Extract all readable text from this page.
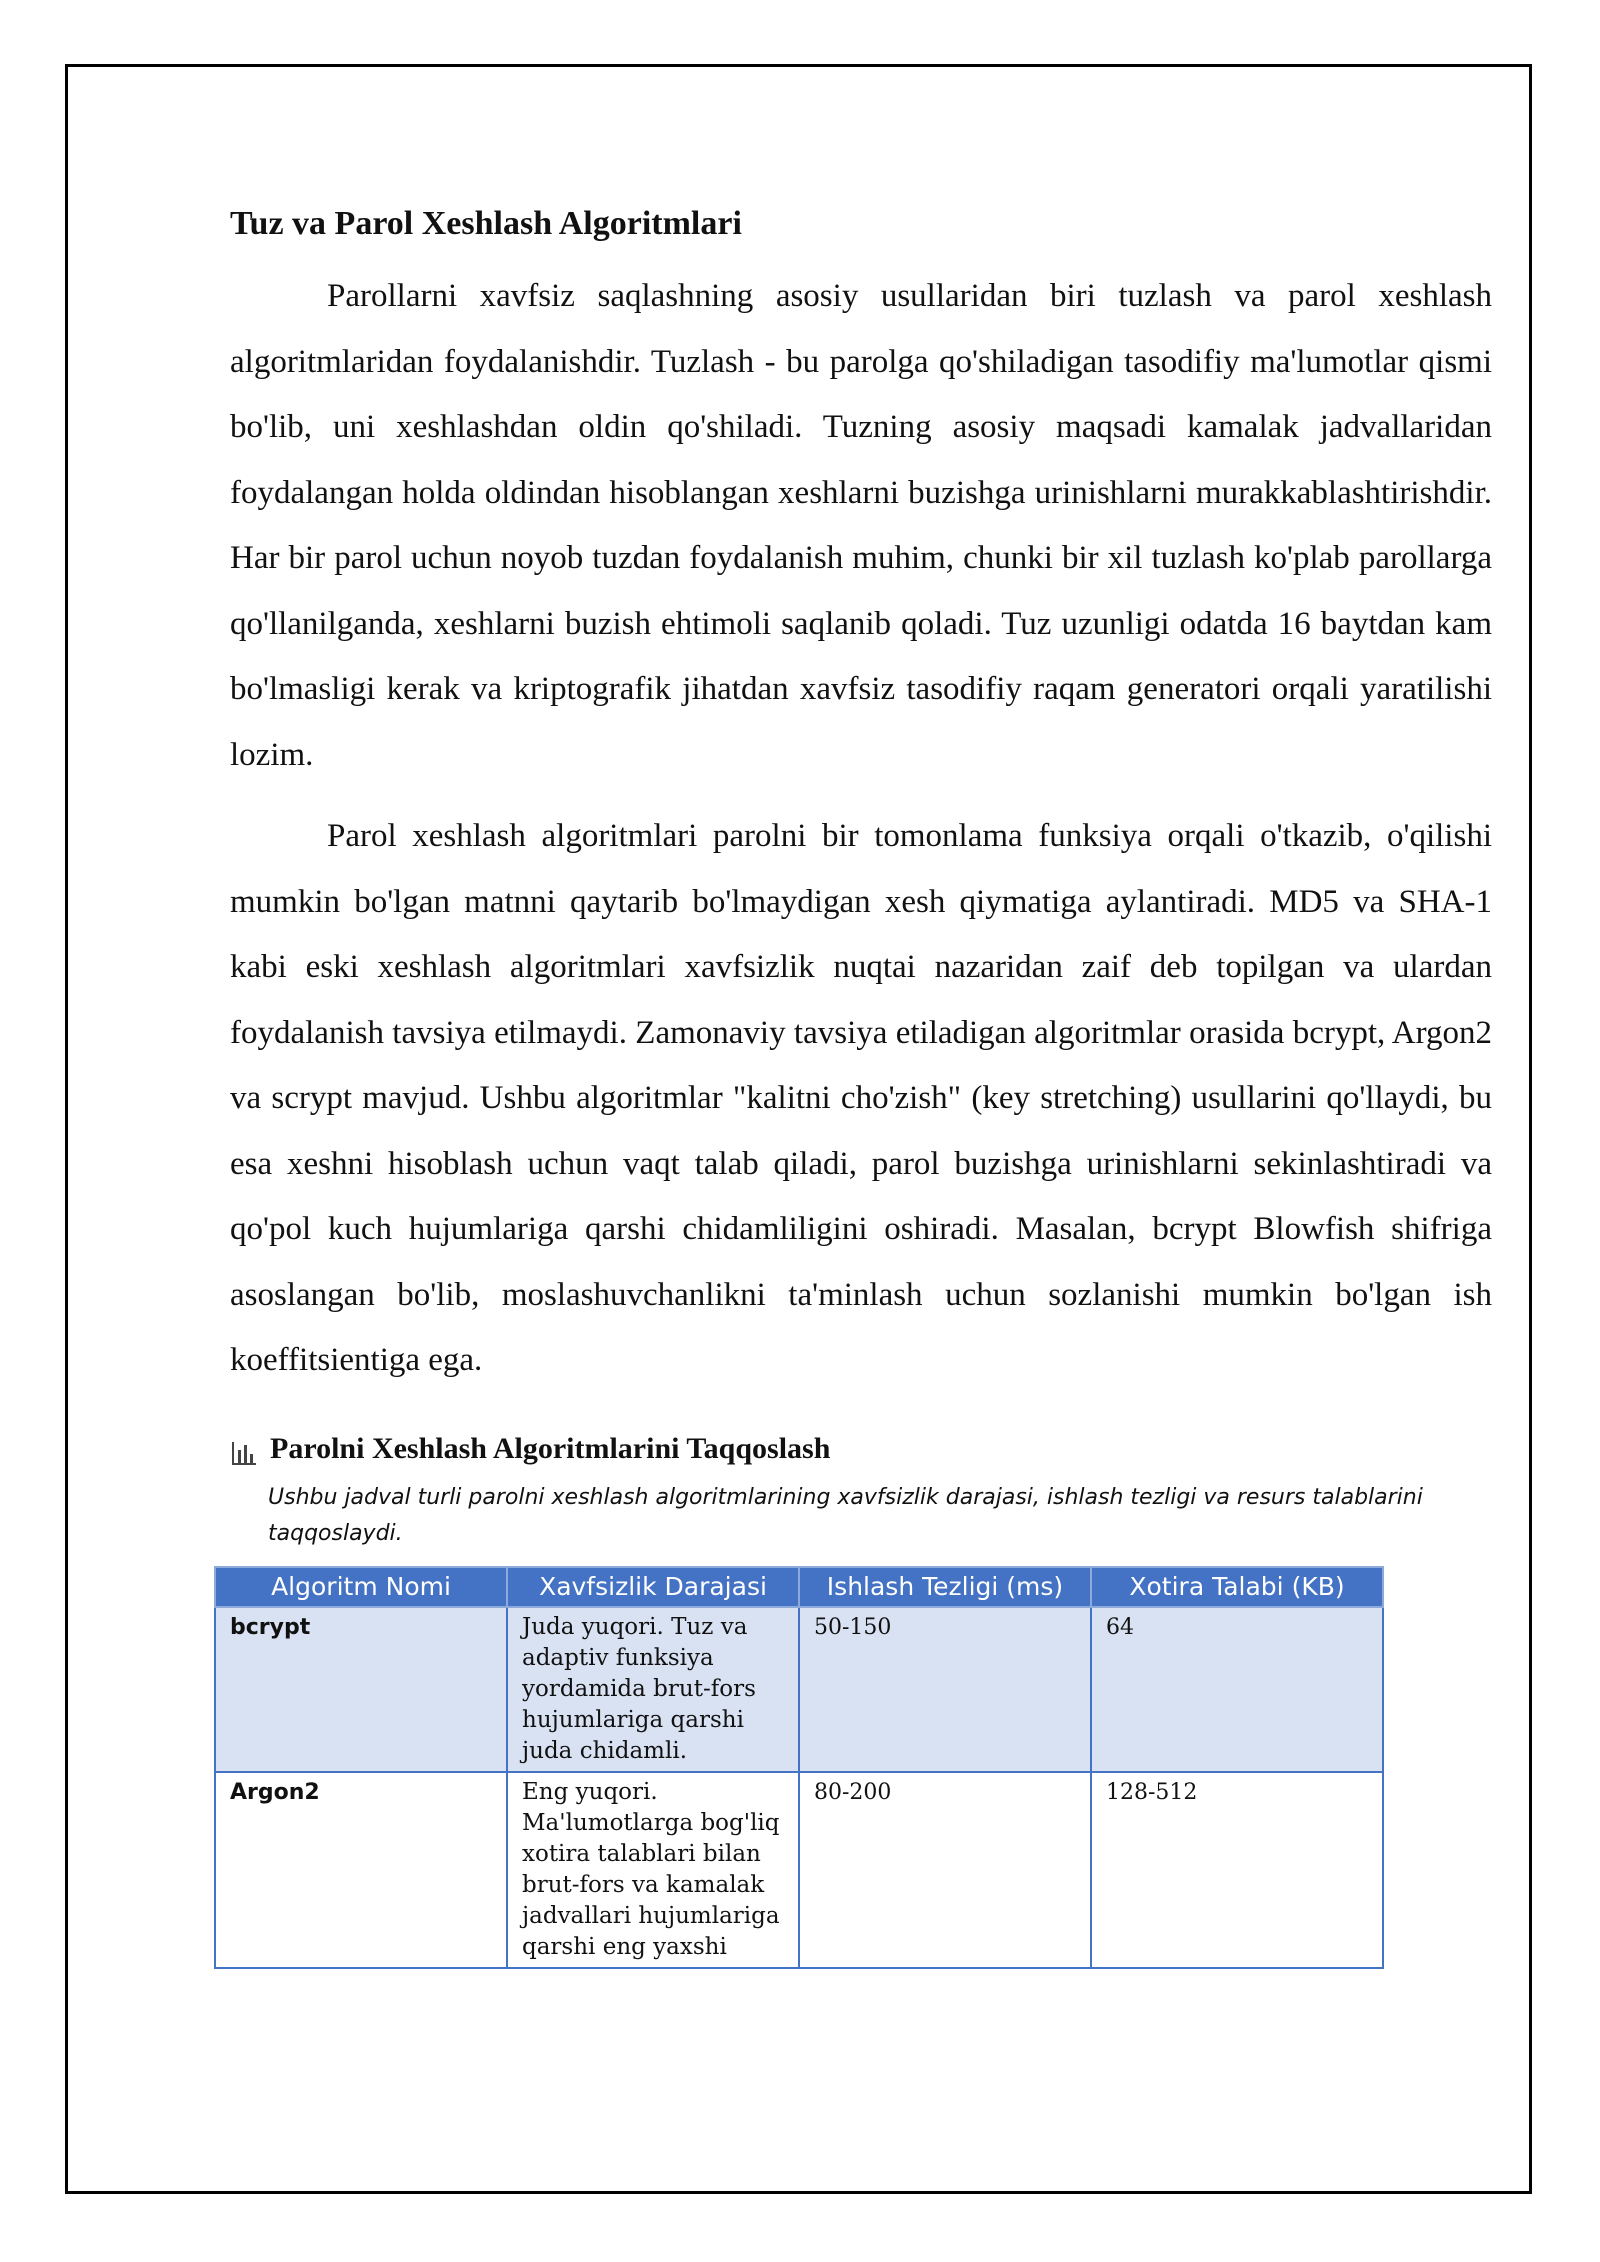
Tuz va Parol Xeshlash Algoritmlari

Parollarni xavfsiz saqlashning asosiy usullaridan biri tuzlash va parol xeshlash algoritmlaridan foydalanishdir. Tuzlash - bu parolga qo'shiladigan tasodifiy ma'lumotlar qismi bo'lib, uni xeshlashdan oldin qo'shiladi. Tuzning asosiy maqsadi kamalak jadvallaridan foydalangan holda oldindan hisoblangan xeshlarni buzishga urinishlarni murakkablashtirishdir. Har bir parol uchun noyob tuzdan foydalanish muhim, chunki bir xil tuzlash ko'plab parollarga qo'llanilganda, xeshlarni buzish ehtimoli saqlanib qoladi. Tuz uzunligi odatda 16 baytdan kam bo'lmasligi kerak va kriptografik jihatdan xavfsiz tasodifiy raqam generatori orqali yaratilishi lozim.

Parol xeshlash algoritmlari parolni bir tomonlama funksiya orqali o'tkazib, o'qilishi mumkin bo'lgan matnni qaytarib bo'lmaydigan xesh qiymatiga aylantiradi. MD5 va SHA-1 kabi eski xeshlash algoritmlari xavfsizlik nuqtai nazaridan zaif deb topilgan va ulardan foydalanish tavsiya etilmaydi. Zamonaviy tavsiya etiladigan algoritmlar orasida bcrypt, Argon2 va scrypt mavjud. Ushbu algoritmlar "kalitni cho'zish" (key stretching) usullarini qo'llaydi, bu esa xeshni hisoblash uchun vaqt talab qiladi, parol buzishga urinishlarni sekinlashtiradi va qo'pol kuch hujumlariga qarshi chidamliligini oshiradi. Masalan, bcrypt Blowfish shifriga asoslangan bo'lib, moslashuvchanlikni ta'minlash uchun sozlanishi mumkin bo'lgan ish koeffitsientiga ega.

Parolni Xeshlash Algoritmlarini Taqqoslash
Ushbu jadval turli parolni xeshlash algoritmlarining xavfsizlik darajasi, ishlash tezligi va resurs talablarini taqqoslaydi.
Algoritm Nomi	Xavfsizlik Darajasi	Ishlash Tezligi (ms)	Xotira Talabi (KB)
bcrypt	Juda yuqori. Tuz va adaptiv funksiya yordamida brut-fors hujumlariga qarshi juda chidamli.	50-150	64
Argon2	Eng yuqori. Ma'lumotlarga bog'liq xotira talablari bilan brut-fors va kamalak jadvallari hujumlariga qarshi eng yaxshi	80-200	128-512
